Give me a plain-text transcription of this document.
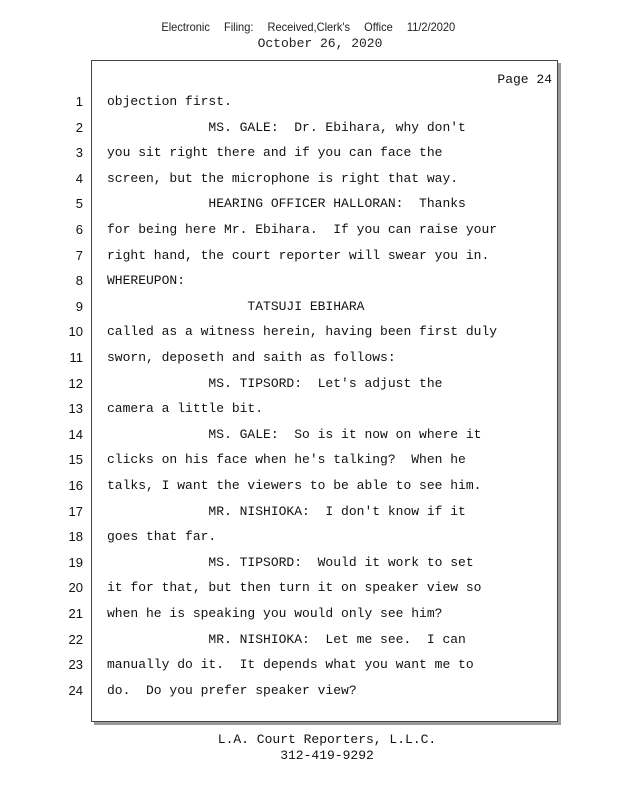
Electronic Filing: Received,Clerk's Office 11/2/2020
October 26, 2020
Page 24
1 objection first.
2 MS. GALE:  Dr. Ebihara, why don't
3 you sit right there and if you can face the
4 screen, but the microphone is right that way.
5 HEARING OFFICER HALLORAN:  Thanks
6 for being here Mr. Ebihara.  If you can raise your
7 right hand, the court reporter will swear you in.
8 WHEREUPON:
9 TATSUJI EBIHARA
10 called as a witness herein, having been first duly
11 sworn, deposeth and saith as follows:
12 MS. TIPSORD:  Let's adjust the
13 camera a little bit.
14 MS. GALE:  So is it now on where it
15 clicks on his face when he's talking?  When he
16 talks, I want the viewers to be able to see him.
17 MR. NISHIOKA:  I don't know if it
18 goes that far.
19 MS. TIPSORD:  Would it work to set
20 it for that, but then turn it on speaker view so
21 when he is speaking you would only see him?
22 MR. NISHIOKA:  Let me see.  I can
23 manually do it.  It depends what you want me to
24 do.  Do you prefer speaker view?
L.A. Court Reporters, L.L.C.
312-419-9292
